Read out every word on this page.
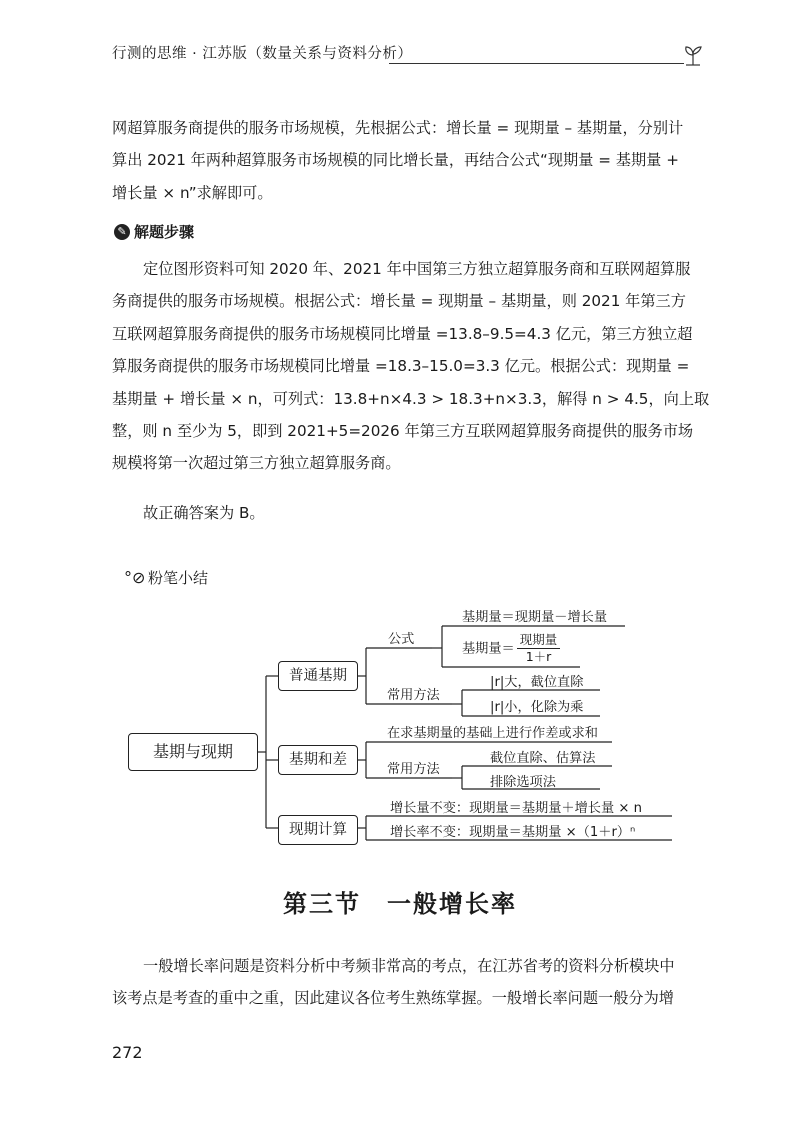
行测的思维 · 江苏版（数量关系与资料分析）
网超算服务商提供的服务市场规模，先根据公式：增长量 = 现期量 – 基期量，分别计
算出 2021 年两种超算服务市场规模的同比增长量，再结合公式“现期量 = 基期量 +
增长量 × n”求解即可。
✎ 解题步骤
定位图形资料可知 2020 年、2021 年中国第三方独立超算服务商和互联网超算服
务商提供的服务市场规模。根据公式：增长量 = 现期量 – 基期量，则 2021 年第三方
互联网超算服务商提供的服务市场规模同比增量 =13.8–9.5=4.3 亿元，第三方独立超
算服务商提供的服务市场规模同比增量 =18.3–15.0=3.3 亿元。根据公式：现期量 =
基期量 + 增长量 × n，可列式：13.8+n×4.3 > 18.3+n×3.3，解得 n > 4.5，向上取
整，则 n 至少为 5，即到 2021+5=2026 年第三方互联网超算服务商提供的服务市场
规模将第一次超过第三方独立超算服务商。
故正确答案为 B。
°⊘ 粉笔小结
基期与现期
普通基期
基期和差
现期计算
公式
基期量＝现期量－增长量
基期量＝ $\frac{\text{现期量}}{1+r}$
常用方法
|r|大，截位直除
|r|小，化除为乘
在求基期量的基础上进行作差或求和
常用方法
截位直除、估算法
排除选项法
增长量不变：现期量＝基期量＋增长量 × n
增长率不变：现期量＝基期量 ×（1＋r）ⁿ
第三节　一般增长率
一般增长率问题是资料分析中考频非常高的考点，在江苏省考的资料分析模块中
该考点是考查的重中之重，因此建议各位考生熟练掌握。一般增长率问题一般分为增
272
